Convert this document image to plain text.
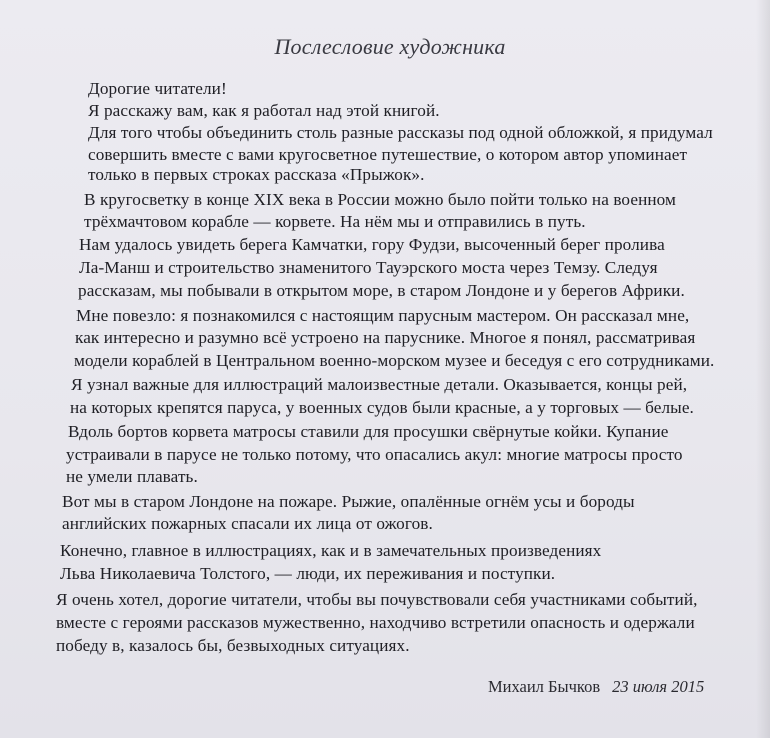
Послесловие художника
Дорогие читатели!
Я расскажу вам, как я работал над этой книгой.
Для того чтобы объединить столь разные рассказы под одной обложкой, я придумал
совершить вместе с вами кругосветное путешествие, о котором автор упоминает
только в первых строках рассказа «Прыжок».
В кругосветку в конце XIX века в России можно было пойти только на военном
трёхмачтовом корабле — корвете. На нём мы и отправились в путь.
Нам удалось увидеть берега Камчатки, гору Фудзи, высоченный берег пролива
Ла-Манш и строительство знаменитого Тауэрского моста через Темзу. Следуя
рассказам, мы побывали в открытом море, в старом Лондоне и у берегов Африки.
Мне повезло: я познакомился с настоящим парусным мастером. Он рассказал мне,
как интересно и разумно всё устроено на паруснике. Многое я понял, рассматривая
модели кораблей в Центральном военно-морском музее и беседуя с его сотрудниками.
Я узнал важные для иллюстраций малоизвестные детали. Оказывается, концы рей,
на которых крепятся паруса, у военных судов были красные, а у торговых — белые.
Вдоль бортов корвета матросы ставили для просушки свёрнутые койки. Купание
устраивали в парусе не только потому, что опасались акул: многие матросы просто
не умели плавать.
Вот мы в старом Лондоне на пожаре. Рыжие, опалённые огнём усы и бороды
английских пожарных спасали их лица от ожогов.
Конечно, главное в иллюстрациях, как и в замечательных произведениях
Льва Николаевича Толстого, — люди, их переживания и поступки.
Я очень хотел, дорогие читатели, чтобы вы почувствовали себя участниками событий,
вместе с героями рассказов мужественно, находчиво встретили опасность и одержали
победу в, казалось бы, безвыходных ситуациях.
Михаил Бычков 23 июля 2015
